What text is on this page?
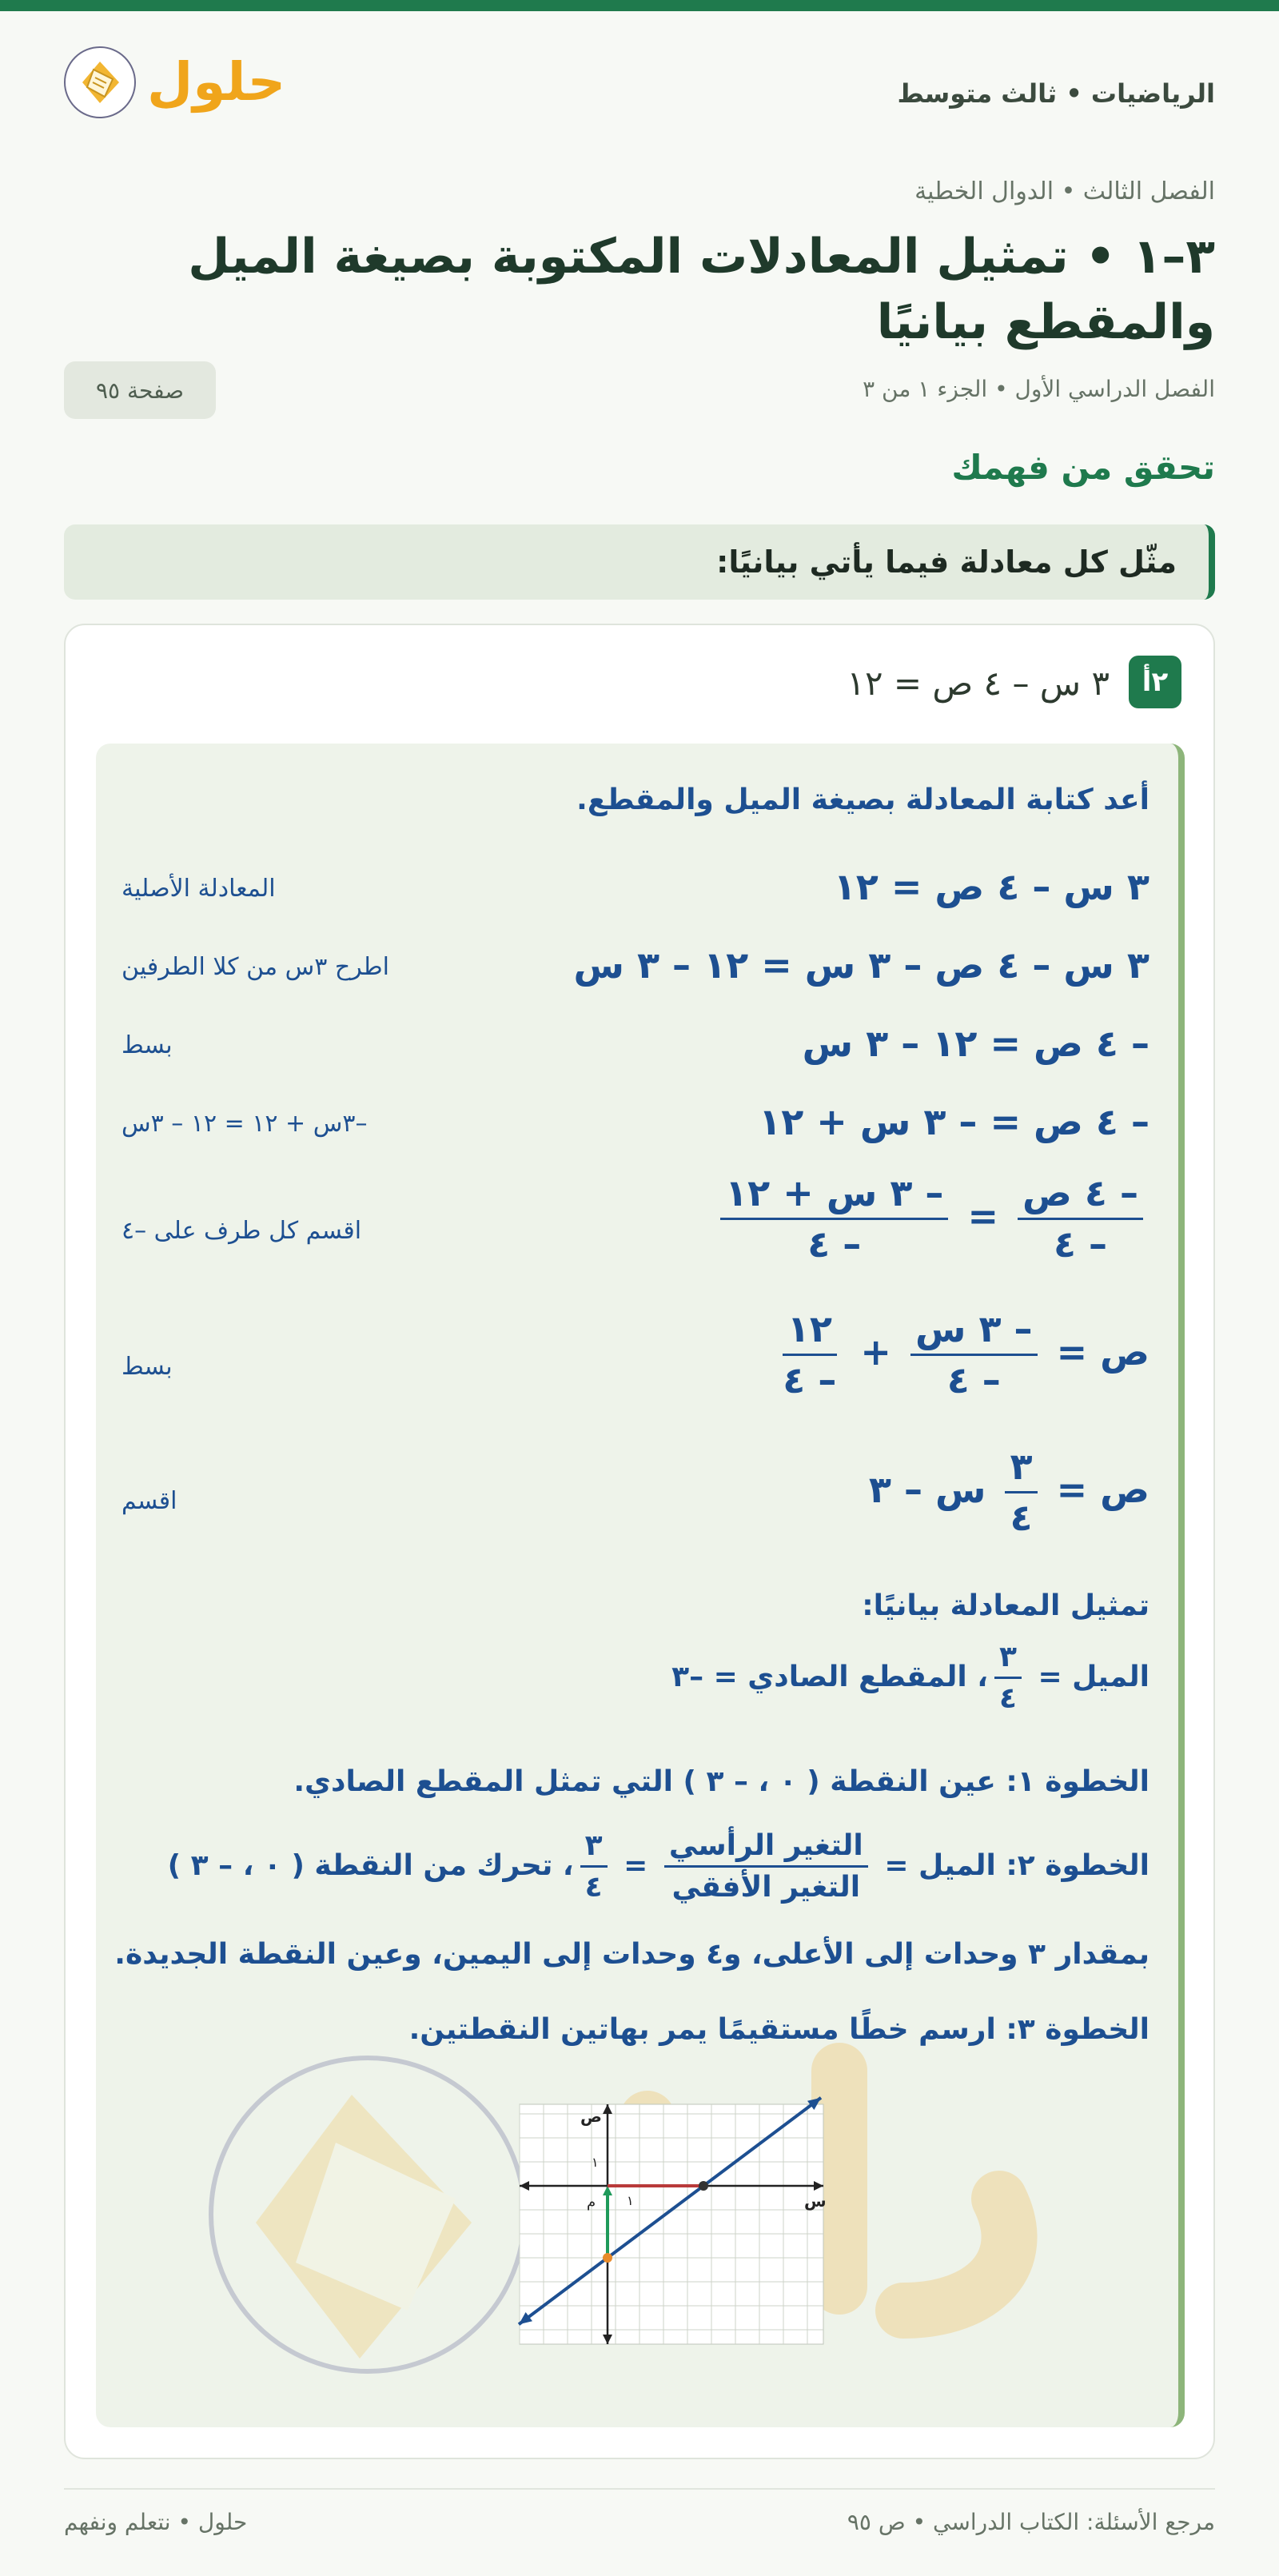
حلول	الرياضيات • ثالث متوسط
الفصل الثالث • الدوال الخطية
٣–١ • تمثيل المعادلات المكتوبة بصيغة الميل والمقطع بيانيًا
الفصل الدراسي الأول • الجزء ١ من ٣
صفحة ٩٥
تحقق من فهمك
مثّل كل معادلة فيما يأتي بيانيًا:
٢أ
٣ س – ٤ ص = ١٢
أعد كتابة المعادلة بصيغة الميل والمقطع.
٣ س – ٤ ص = ١٢
المعادلة الأصلية
٣ س – ٤ ص – ٣ س = ١٢ – ٣ س
اطرح ٣س من كلا الطرفين
– ٤ ص = ١٢ – ٣ س
بسط
– ٤ ص = – ٣ س + ١٢
–٣س + ١٢ = ١٢ – ٣س
$\frac{\text{– ٤ ص}}{- ٤}$
=
$\frac{\text{– ٣ س + ١٢}}{- ٤}$
اقسم كل طرف على –٤
ص =
$\frac{\text{– ٣ س}}{- ٤}$
+
$\frac{١٢}{- ٤}$
بسط
ص =
$\frac{٣}{٤}$
س – ٣
اقسم
تمثيل المعادلة بيانيًا:
الميل =
$\frac{٣}{٤}$
، المقطع الصادي = –٣
الخطوة ١: عين النقطة ( ٠ ، – ٣ ) التي تمثل المقطع الصادي.
الخطوة ٢: الميل =
$\frac{\text{التغير الرأسي}}{\text{التغير الأفقي}}$
=
$\frac{٣}{٤}$
، تحرك من النقطة ( ٠ ، – ٣ )
بمقدار ٣ وحدات إلى الأعلى، و٤ وحدات إلى اليمين، وعين النقطة الجديدة.
الخطوة ٣: ارسم خطًا مستقيمًا يمر بهاتين النقطتين.
س
ص
م ١
١
مرجع الأسئلة: الكتاب الدراسي • ص ٩٥
حلول • نتعلم ونفهم
